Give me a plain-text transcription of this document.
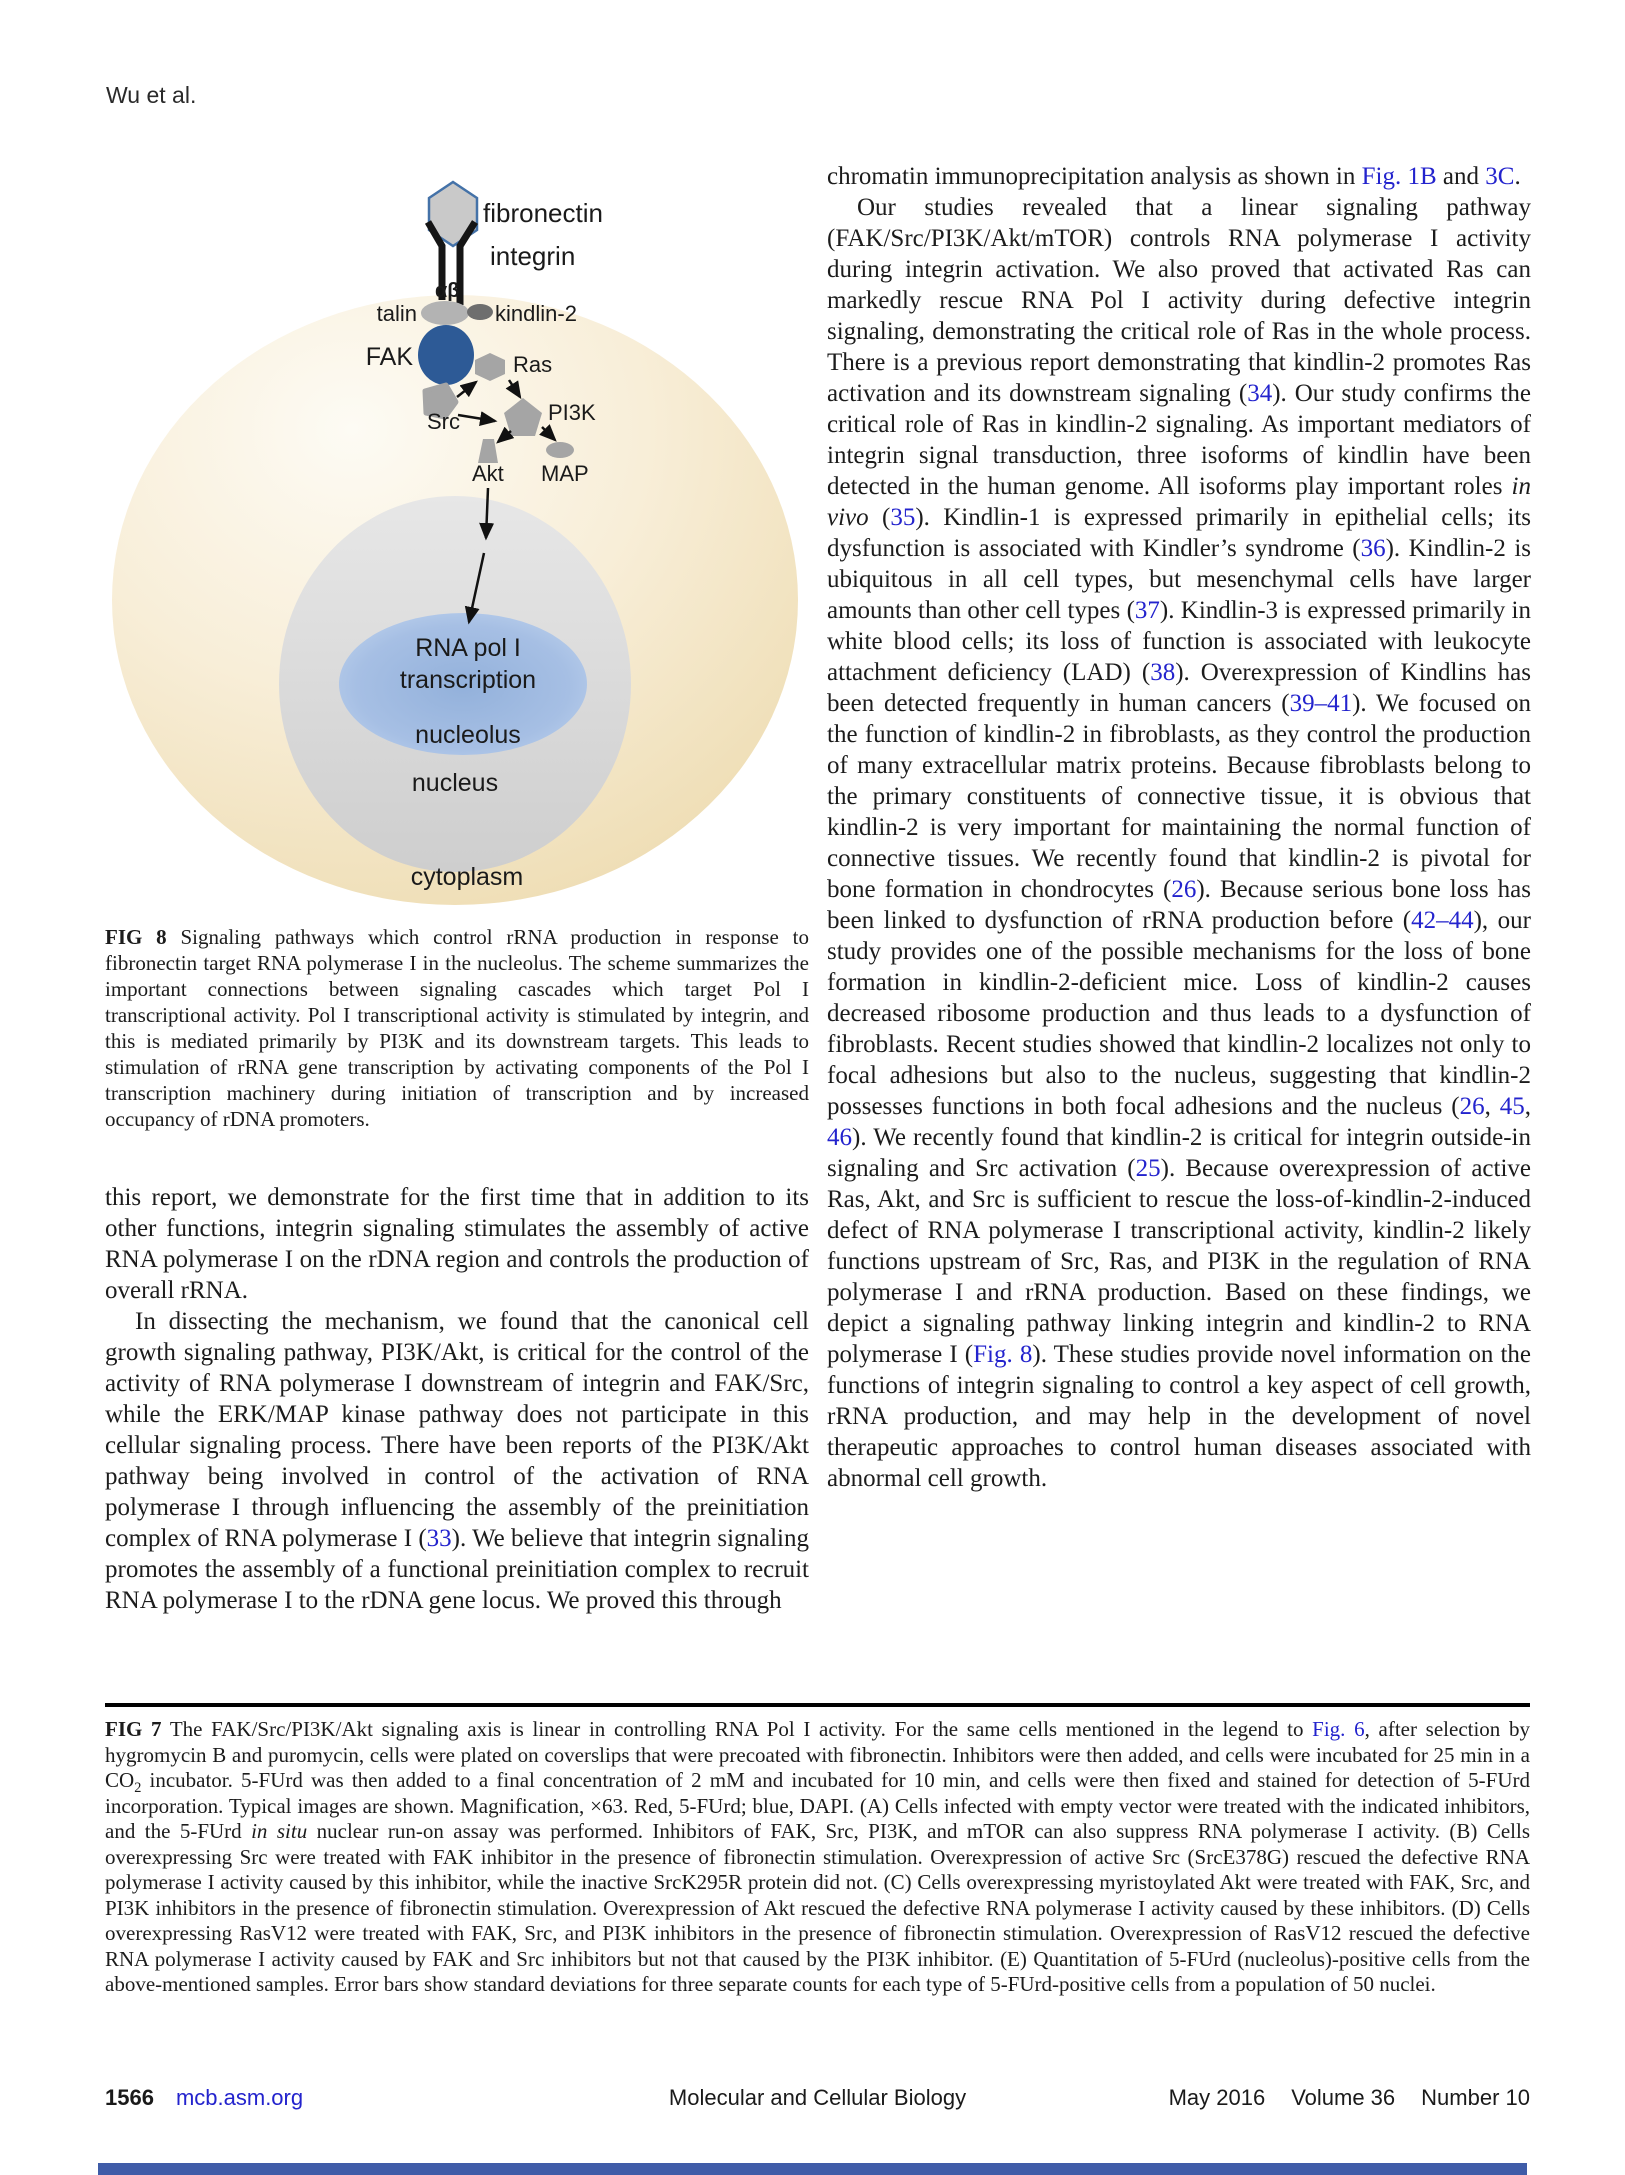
Wu et al.
fibronectin
integrin
αβ
talin	kindlin-2
FAK	Ras
Src	PI3K
Akt MAP
RNA pol I
transcription
nucleolus
nucleus
cytoplasm

FIG 8 Signaling pathways which control rRNA production in response to fibronectin target RNA polymerase I in the nucleolus. The scheme summarizes the important connections between signaling cascades which target Pol I transcriptional activity. Pol I transcriptional activity is stimulated by integrin, and this is mediated primarily by PI3K and its downstream targets. This leads to stimulation of rRNA gene transcription by activating components of the Pol I transcription machinery during initiation of transcription and by increased occupancy of rDNA promoters.

this report, we demonstrate for the first time that in addition to its other functions, integrin signaling stimulates the assembly of active RNA polymerase I on the rDNA region and controls the production of overall rRNA.

In dissecting the mechanism, we found that the canonical cell growth signaling pathway, PI3K/Akt, is critical for the control of the activity of RNA polymerase I downstream of integrin and FAK/Src, while the ERK/MAP kinase pathway does not participate in this cellular signaling process. There have been reports of the PI3K/Akt pathway being involved in control of the activation of RNA polymerase I through influencing the assembly of the preinitiation complex of RNA polymerase I (33). We believe that integrin signaling promotes the assembly of a functional preinitiation complex to recruit RNA polymerase I to the rDNA gene locus. We proved this through

chromatin immunoprecipitation analysis as shown in Fig. 1B and 3C.

Our studies revealed that a linear signaling pathway (FAK/Src/PI3K/Akt/mTOR) controls RNA polymerase I activity during integrin activation. We also proved that activated Ras can markedly rescue RNA Pol I activity during defective integrin signaling, demonstrating the critical role of Ras in the whole process. There is a previous report demonstrating that kindlin-2 promotes Ras activation and its downstream signaling (34). Our study confirms the critical role of Ras in kindlin-2 signaling. As important mediators of integrin signal transduction, three isoforms of kindlin have been detected in the human genome. All isoforms play important roles in vivo (35). Kindlin-1 is expressed primarily in epithelial cells; its dysfunction is associated with Kindler’s syndrome (36). Kindlin-2 is ubiquitous in all cell types, but mesenchymal cells have larger amounts than other cell types (37). Kindlin-3 is expressed primarily in white blood cells; its loss of function is associated with leukocyte attachment deficiency (LAD) (38). Overexpression of Kindlins has been detected frequently in human cancers (39–41). We focused on the function of kindlin-2 in fibroblasts, as they control the production of many extracellular matrix proteins. Because fibroblasts belong to the primary constituents of connective tissue, it is obvious that kindlin-2 is very important for maintaining the normal function of connective tissues. We recently found that kindlin-2 is pivotal for bone formation in chondrocytes (26). Because serious bone loss has been linked to dysfunction of rRNA production before (42–44), our study provides one of the possible mechanisms for the loss of bone formation in kindlin-2-deficient mice. Loss of kindlin-2 causes decreased ribosome production and thus leads to a dysfunction of fibroblasts. Recent studies showed that kindlin-2 localizes not only to focal adhesions but also to the nucleus, suggesting that kindlin-2 possesses functions in both focal adhesions and the nucleus (26, 45, 46). We recently found that kindlin-2 is critical for integrin outside-in signaling and Src activation (25). Because overexpression of active Ras, Akt, and Src is sufficient to rescue the loss-of-kindlin-2-induced defect of RNA polymerase I transcriptional activity, kindlin-2 likely functions upstream of Src, Ras, and PI3K in the regulation of RNA polymerase I and rRNA production. Based on these findings, we depict a signaling pathway linking integrin and kindlin-2 to RNA polymerase I (Fig. 8). These studies provide novel information on the functions of integrin signaling to control a key aspect of cell growth, rRNA production, and may help in the development of novel therapeutic approaches to control human diseases associated with abnormal cell growth.

FIG 7 The FAK/Src/PI3K/Akt signaling axis is linear in controlling RNA Pol I activity. For the same cells mentioned in the legend to Fig. 6, after selection by hygromycin B and puromycin, cells were plated on coverslips that were precoated with fibronectin. Inhibitors were then added, and cells were incubated for 25 min in a $CO_2$ incubator. 5-FUrd was then added to a final concentration of 2 mM and incubated for 10 min, and cells were then fixed and stained for detection of 5-FUrd incorporation. Typical images are shown. Magnification, ×63. Red, 5-FUrd; blue, DAPI. (A) Cells infected with empty vector were treated with the indicated inhibitors, and the 5-FUrd in situ nuclear run-on assay was performed. Inhibitors of FAK, Src, PI3K, and mTOR can also suppress RNA polymerase I activity. (B) Cells overexpressing Src were treated with FAK inhibitor in the presence of fibronectin stimulation. Overexpression of active Src (SrcE378G) rescued the defective RNA polymerase I activity caused by this inhibitor, while the inactive SrcK295R protein did not. (C) Cells overexpressing myristoylated Akt were treated with FAK, Src, and PI3K inhibitors in the presence of fibronectin stimulation. Overexpression of Akt rescued the defective RNA polymerase I activity caused by these inhibitors. (D) Cells overexpressing RasV12 were treated with FAK, Src, and PI3K inhibitors in the presence of fibronectin stimulation. Overexpression of RasV12 rescued the defective RNA polymerase I activity caused by FAK and Src inhibitors but not that caused by the PI3K inhibitor. (E) Quantitation of 5-FUrd (nucleolus)-positive cells from the above-mentioned samples. Error bars show standard deviations for three separate counts for each type of 5-FUrd-positive cells from a population of 50 nuclei.

1566 mcb.asm.org	Molecular and Cellular Biology	May 2016 Volume 36 Number 10
